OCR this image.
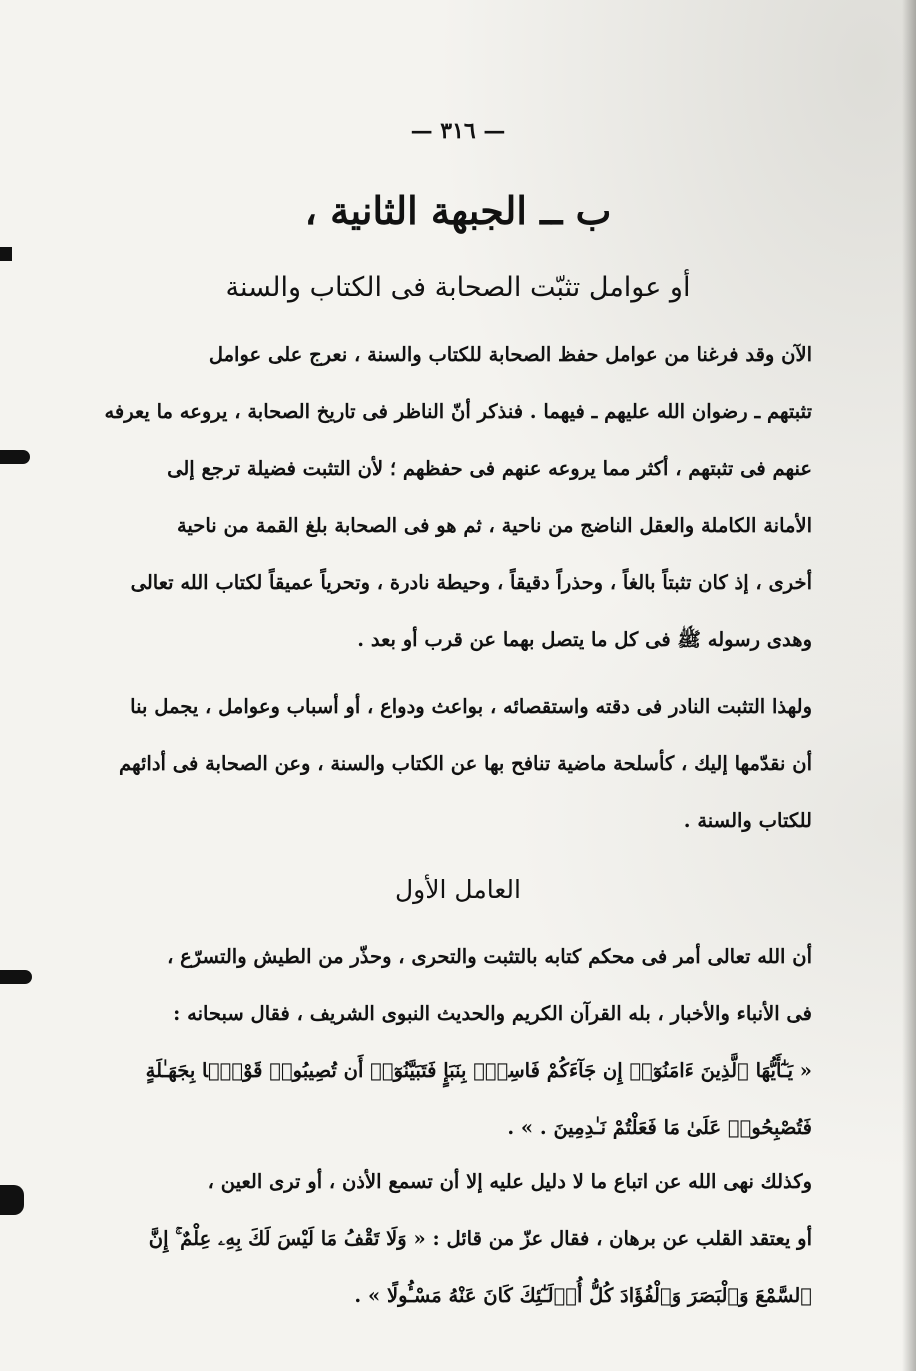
— ٣١٦ —
ب ــ الجبهة الثانية ،
أو عوامل تثبّت الصحابة فى الكتاب والسنة
الآن وقد فرغنا من عوامل حفظ الصحابة للكتاب والسنة ، نعرج على عوامل
تثبتهم ـ رضوان الله عليهم ـ فيهما . فنذكر أنّ الناظر فى تاريخ الصحابة ، يروعه ما يعرفه
عنهم فى تثبتهم ، أكثر مما يروعه عنهم فى حفظهم ؛ لأن التثبت فضيلة ترجع إلى
الأمانة الكاملة والعقل الناضج من ناحية ، ثم هو فى الصحابة بلغ القمة من ناحية
أخرى ، إذ كان تثبتاً بالغاً ، وحذراً دقيقاً ، وحيطة نادرة ، وتحرياً عميقاً لكتاب الله تعالى
وهدى رسوله ﷺ فى كل ما يتصل بهما عن قرب أو بعد .
ولهذا التثبت النادر فى دقته واستقصائه ، بواعث ودواع ، أو أسباب وعوامل ، يجمل بنا
أن نقدّمها إليك ، كأسلحة ماضية تنافح بها عن الكتاب والسنة ، وعن الصحابة فى أدائهم
للكتاب والسنة .
العامل الأول
أن الله تعالى أمر فى محكم كتابه بالتثبت والتحرى ، وحذّر من الطيش والتسرّع ،
فى الأنباء والأخبار ، بله القرآن الكريم والحديث النبوى الشريف ، فقال سبحانه :
« يَـٰٓأَيُّهَا ٱلَّذِينَ ءَامَنُوٓا۟ إِن جَآءَكُمْ فَاسِقٌۢ بِنَبَإٍ فَتَبَيَّنُوٓا۟ أَن تُصِيبُوا۟ قَوْمًۢا بِجَهَـٰلَةٍ
فَتُصْبِحُوا۟ عَلَىٰ مَا فَعَلْتُمْ نَـٰدِمِينَ . » .
وكذلك نهى الله عن اتباع ما لا دليل عليه إلا أن تسمع الأذن ، أو ترى العين ،
أو يعتقد القلب عن برهان ، فقال عزّ من قائل : « وَلَا تَقْفُ مَا لَيْسَ لَكَ بِهِۦ عِلْمٌ ۚ إِنَّ
ٱلسَّمْعَ وَٱلْبَصَرَ وَٱلْفُؤَادَ كُلُّ أُو۟لَـٰٓئِكَ كَانَ عَنْهُ مَسْـُٔولًا » .
